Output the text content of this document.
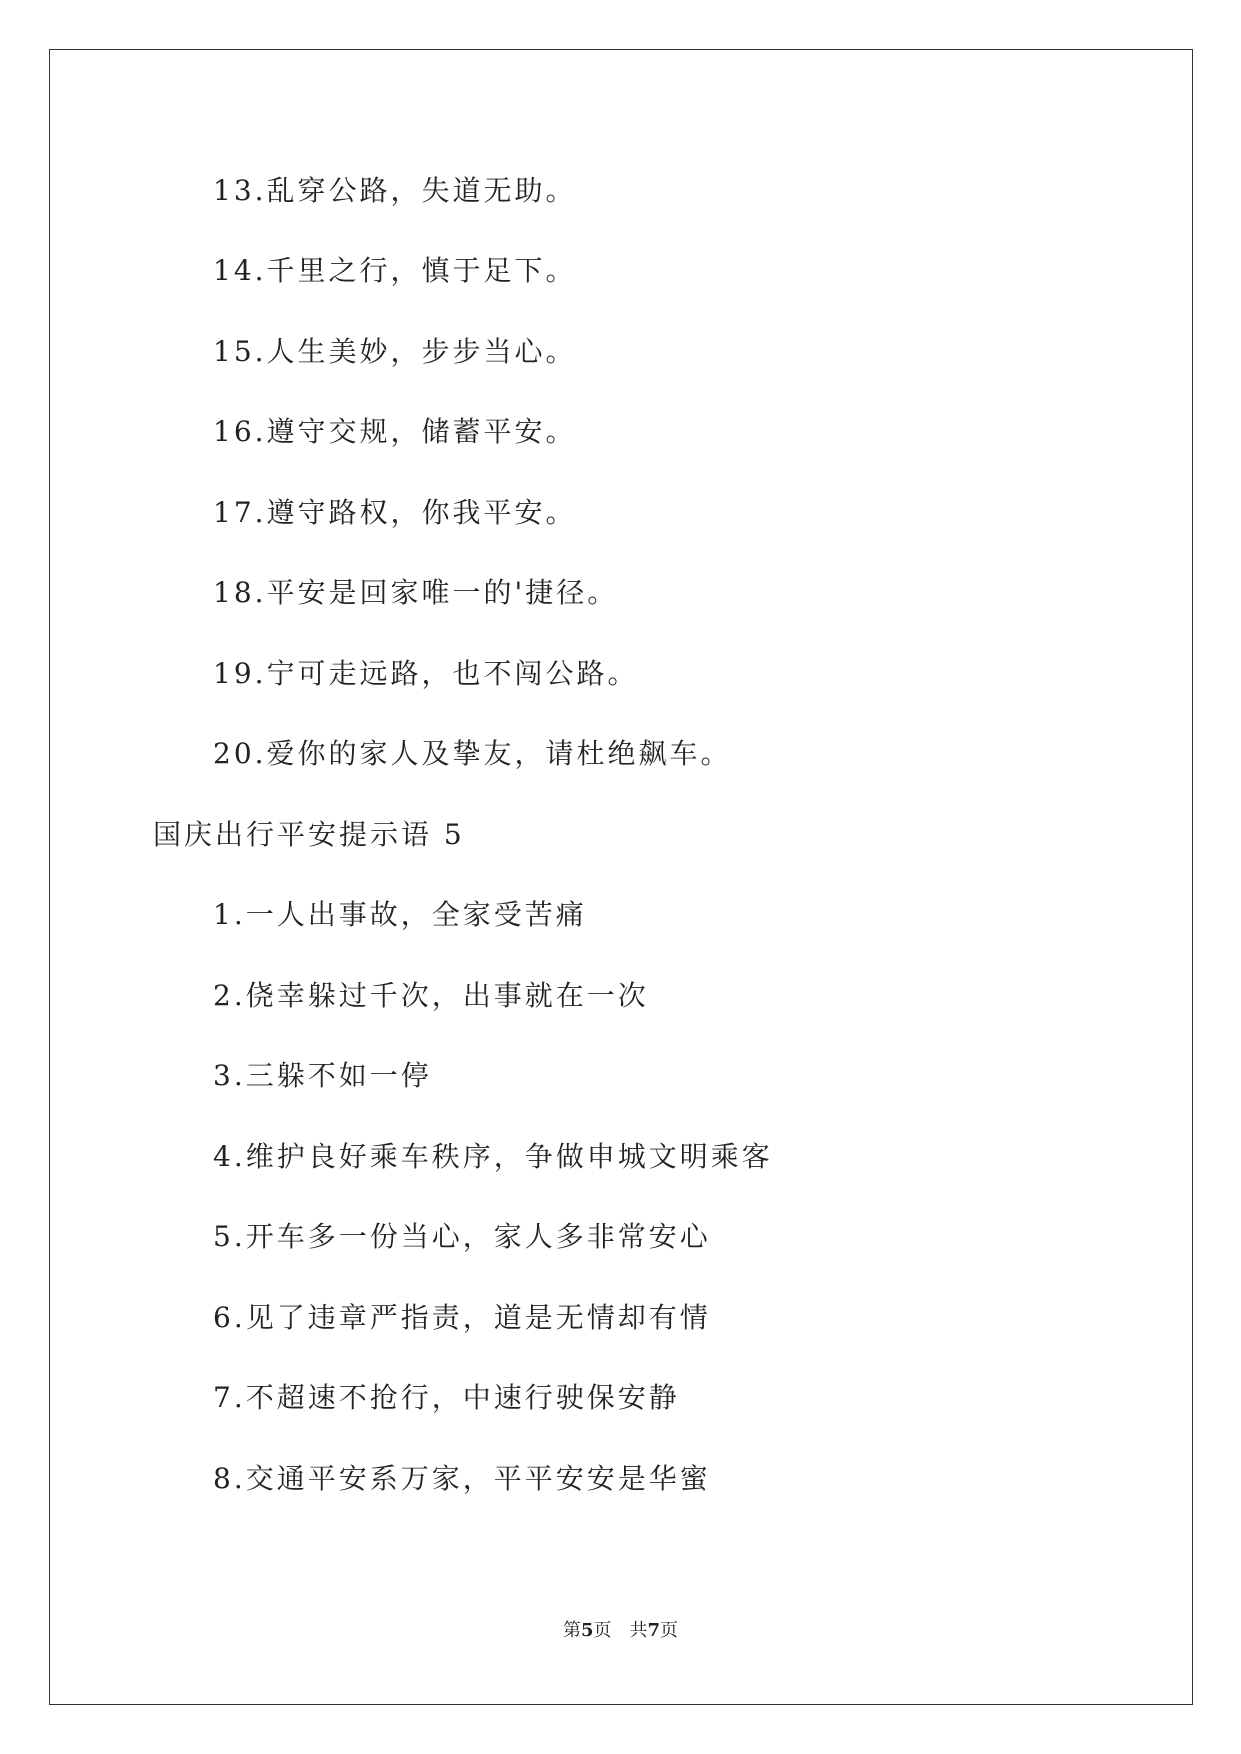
13.乱穿公路，失道无助。
14.千里之行，慎于足下。
15.人生美妙，步步当心。
16.遵守交规，储蓄平安。
17.遵守路权，你我平安。
18.平安是回家唯一的'捷径。
19.宁可走远路，也不闯公路。
20.爱你的家人及挚友，请杜绝飙车。
国庆出行平安提示语 5
1.一人出事故，全家受苦痛
2.侥幸躲过千次，出事就在一次
3.三躲不如一停
4.维护良好乘车秩序，争做申城文明乘客
5.开车多一份当心，家人多非常安心
6.见了违章严指责，道是无情却有情
7.不超速不抢行，中速行驶保安静
8.交通平安系万家，平平安安是华蜜
第5页 共7页
